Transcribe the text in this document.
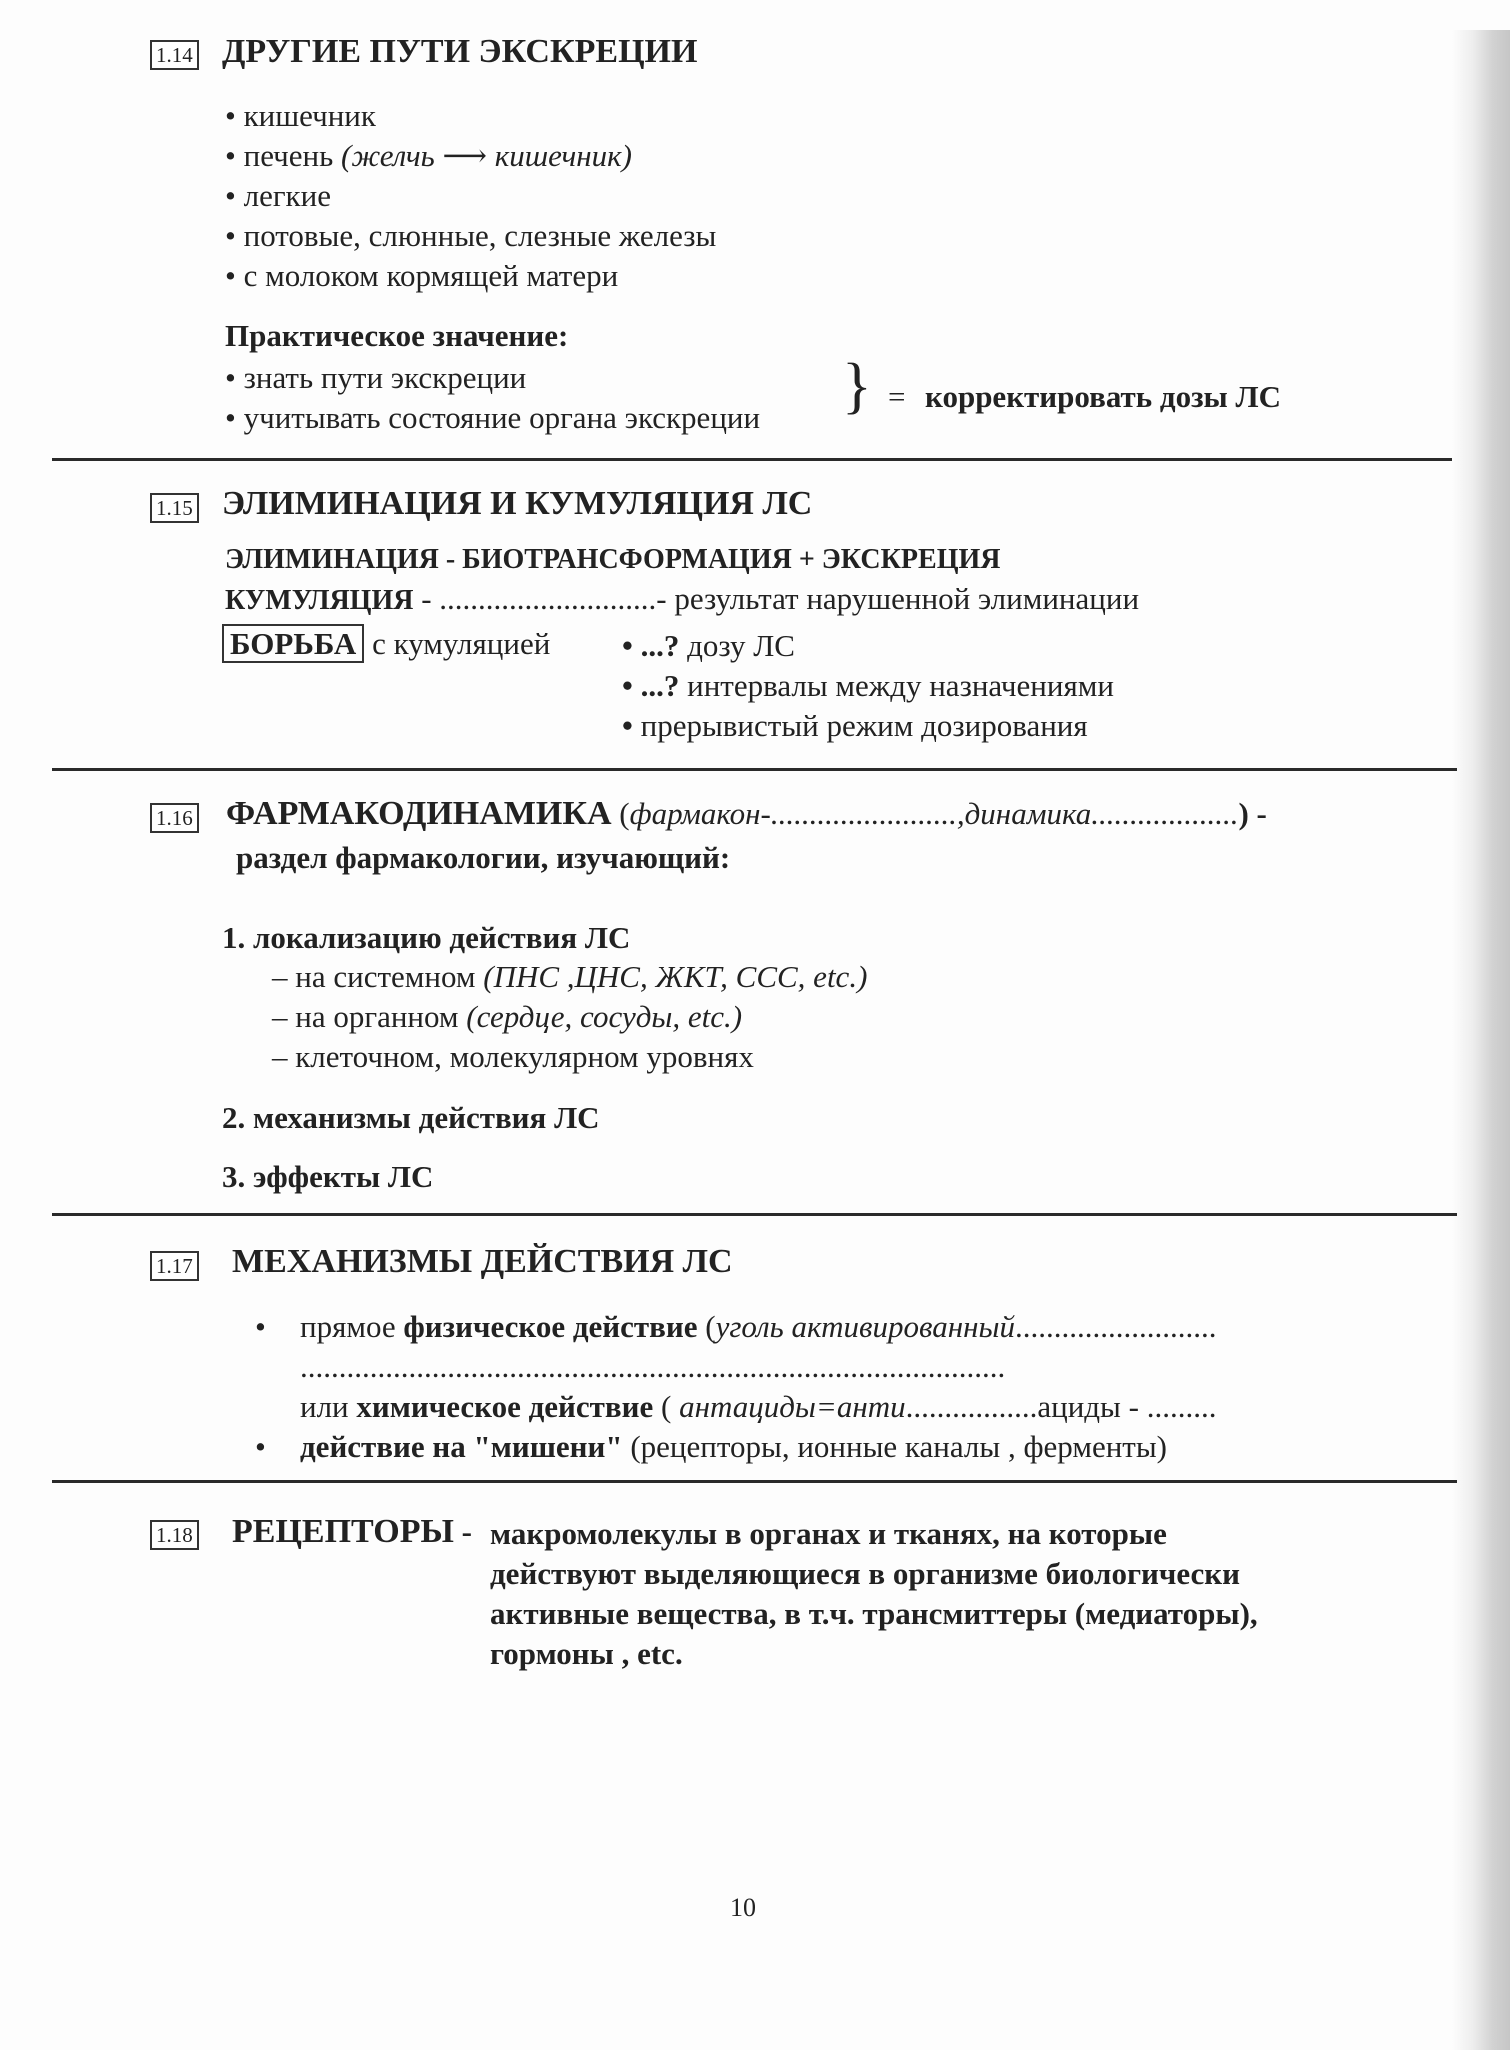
1.14 ДРУГИЕ ПУТИ ЭКСКРЕЦИИ
• кишечник
• печень (желчь ⟶ кишечник)
• легкие
• потовые, слюнные, слезные железы
• с молоком кормящей матери
Практическое значение:
• знать пути экскреции
• учитывать состояние органа экскреции } = корректировать дозы ЛС
1.15 ЭЛИМИНАЦИЯ И КУМУЛЯЦИЯ ЛС
ЭЛИМИНАЦИЯ - БИОТРАНСФОРМАЦИЯ + ЭКСКРЕЦИЯ
КУМУЛЯЦИЯ - ............................- результат нарушенной элиминации
БОРЬБА с кумуляцией • ...? дозу ЛС
• ...? интервалы между назначениями
• прерывистый режим дозирования
1.16 ФАРМАКОДИНАМИКА (фармакон-........................,динамика...................) -
раздел фармакологии, изучающий:
1. локализацию действия ЛС
– на системном (ПНС ,ЦНС, ЖКТ, ССС, etc.)
– на органном (сердце, сосуды, etc.)
– клеточном, молекулярном уровнях
2. механизмы действия ЛС
3. эффекты ЛС
1.17 МЕХАНИЗМЫ ДЕЙСТВИЯ ЛС
• прямое физическое действие (уголь активированный..........................
...........................................................................................
или химическое действие ( антациды=анти.................ациды - .........
• действие на "мишени" (рецепторы, ионные каналы , ферменты)
1.18 РЕЦЕПТОРЫ - макромолекулы в органах и тканях, на которые
действуют выделяющиеся в организме биологически
активные вещества, в т.ч. трансмиттеры (медиаторы),
гормоны , etc.
10
